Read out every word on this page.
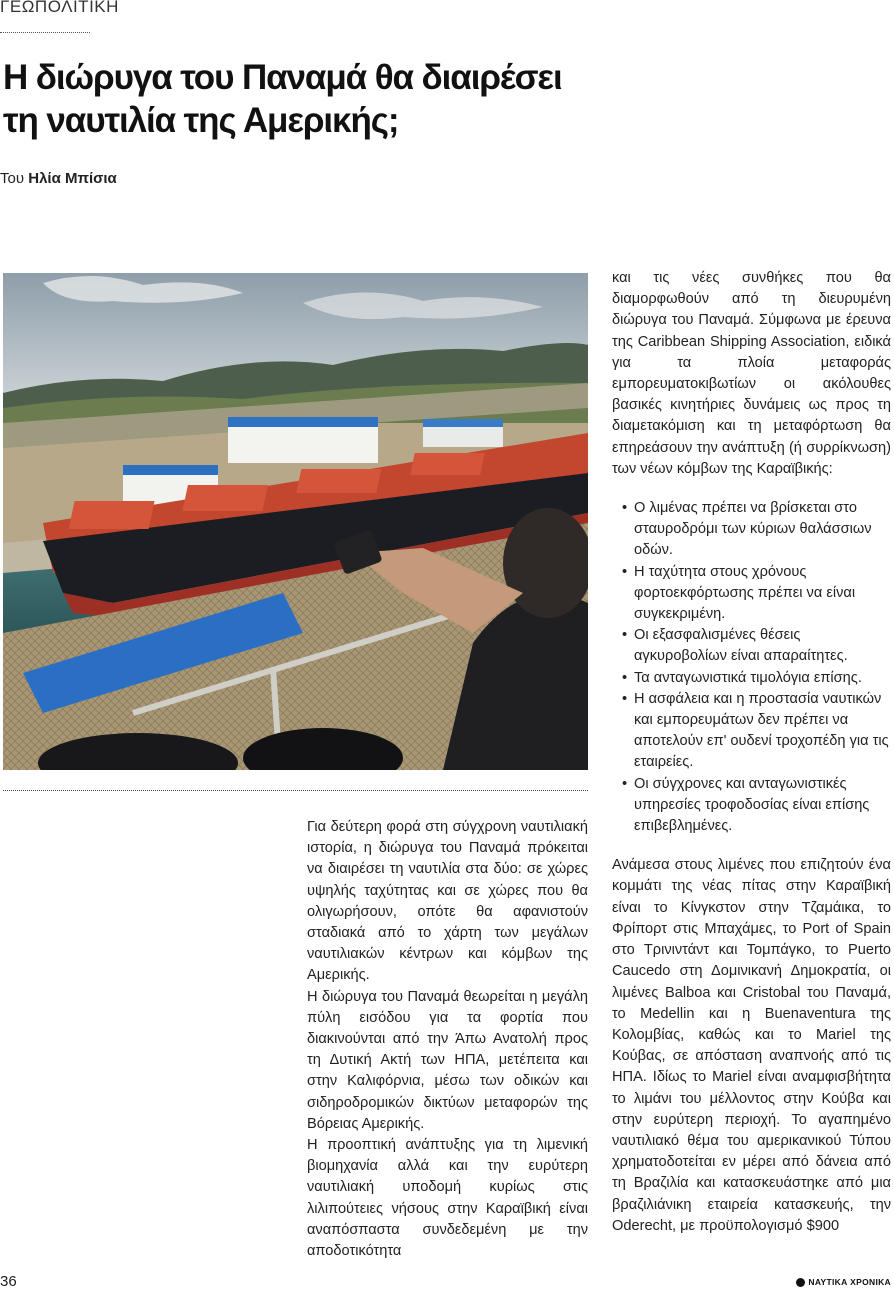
ΓΕΩΠΟΛΙΤΙΚΗ
Η διώρυγα του Παναμά θα διαιρέσει τη ναυτιλία της Αμερικής;
Του Ηλία Μπίσια

Για δεύτερη φορά στη σύγχρονη ναυτιλιακή ιστορία, η διώρυγα του Παναμά πρόκειται να διαιρέσει τη ναυτιλία στα δύο: σε χώρες υψηλής ταχύτητας και σε χώρες που θα ολιγωρήσουν, οπότε θα αφανιστούν σταδιακά από το χάρτη των μεγάλων ναυτιλιακών κέντρων και κόμβων της Αμερικής.

Η διώρυγα του Παναμά θεωρείται η μεγάλη πύλη εισόδου για τα φορτία που διακινούνται από την Άπω Ανατολή προς τη Δυτική Ακτή των ΗΠΑ, μετέπειτα και στην Καλιφόρνια, μέσω των οδικών και σιδηροδρομικών δικτύων μεταφορών της Βόρειας Αμερικής.

Η προοπτική ανάπτυξης για τη λιμενική βιομηχανία αλλά και την ευρύτερη ναυτιλιακή υποδομή κυρίως στις λιλιπούτειες νήσους στην Καραϊβική είναι αναπόσπαστα συνδεδεμένη με την αποδοτικότητα

και τις νέες συνθήκες που θα διαμορφωθούν από τη διευρυμένη διώρυγα του Παναμά. Σύμφωνα με έρευνα της Caribbean Shipping Association, ειδικά για τα πλοία μεταφοράς εμπορευματοκιβωτίων οι ακόλουθες βασικές κινητήριες δυνάμεις ως προς τη διαμετακόμιση και τη μεταφόρτωση θα επηρεάσουν την ανάπτυξη (ή συρρίκνωση) των νέων κόμβων της Καραϊβικής:

• Ο λιμένας πρέπει να βρίσκεται στο σταυροδρόμι των κύριων θαλάσσιων οδών.
• Η ταχύτητα στους χρόνους φορτοεκφόρτωσης πρέπει να είναι συγκεκριμένη.
• Οι εξασφαλισμένες θέσεις αγκυροβολίων είναι απαραίτητες.
• Τα ανταγωνιστικά τιμολόγια επίσης.
• Η ασφάλεια και η προστασία ναυτικών και εμπορευμάτων δεν πρέπει να αποτελούν επ' ουδενί τροχοπέδη για τις εταιρείες.
• Οι σύγχρονες και ανταγωνιστικές υπηρεσίες τροφοδοσίας είναι επίσης επιβεβλημένες.

Ανάμεσα στους λιμένες που επιζητούν ένα κομμάτι της νέας πίτας στην Καραϊβική είναι το Κίνγκστον στην Τζαμάικα, το Φρίπορτ στις Μπαχάμες, το Port of Spain στο Τρινιντάντ και Τομπάγκο, το Puerto Caucedo στη Δομινικανή Δημοκρατία, οι λιμένες Balboa και Cristobal του Παναμά, το Medellin και η Buenaventura της Κολομβίας, καθώς και το Mariel της Κούβας, σε απόσταση αναπνοής από τις ΗΠΑ. Ιδίως το Mariel είναι αναμφισβήτητα το λιμάνι του μέλλοντος στην Κούβα και στην ευρύτερη περιοχή. Το αγαπημένο ναυτιλιακό θέμα του αμερικανικού Τύπου χρηματοδοτείται εν μέρει από δάνεια από τη Βραζιλία και κατασκευάστηκε από μια βραζιλιάνικη εταιρεία κατασκευής, την Oderecht, με προϋπολογισμό $900

36	ΝΑΥΤΙΚΑ ΧΡΟΝΙΚΑ
